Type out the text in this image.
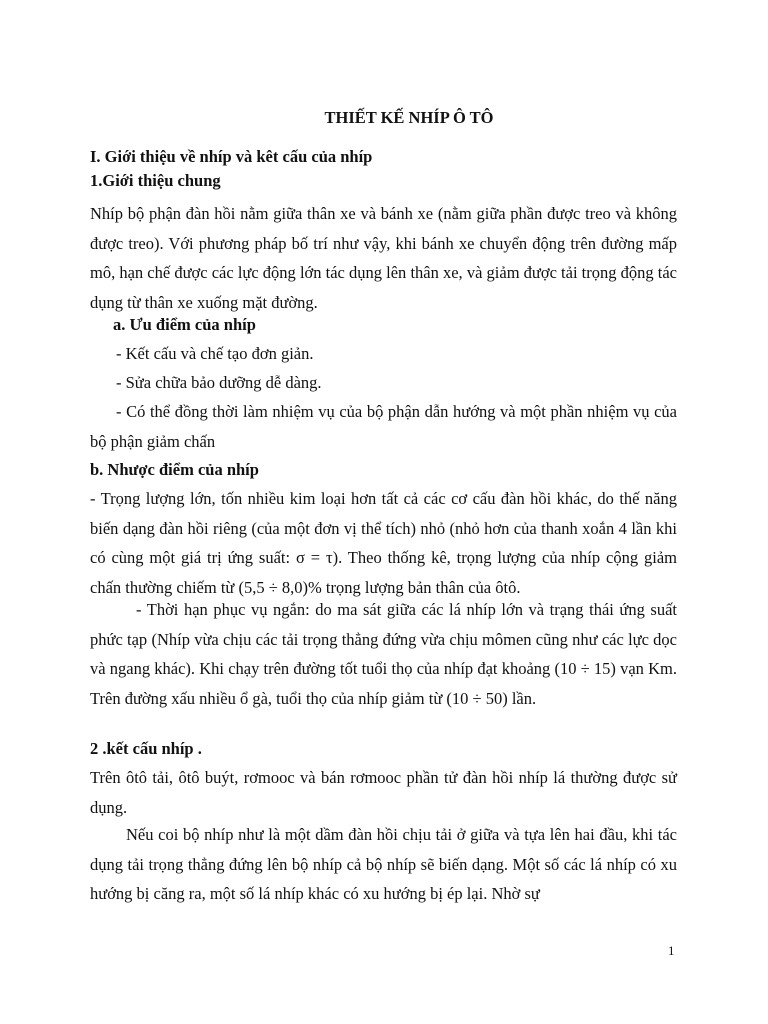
THIẾT KẾ NHÍP Ô TÔ
I. Giới thiệu về nhíp và kêt cấu của nhíp
1.Giới thiệu chung
Nhíp bộ phận đàn hồi nằm giữa thân xe và bánh xe (nằm giữa phần được treo và không được treo). Với phương pháp bố trí như vậy, khi bánh xe chuyển động trên đường mấp mô, hạn chế được các lực động lớn tác dụng lên thân xe, và giảm được tải trọng động tác dụng từ thân xe xuống mặt đường.
a. Ưu điểm của nhíp
- Kết cấu và chế tạo đơn giản.
- Sửa chữa bảo dưỡng dễ dàng.
- Có thể đồng thời làm nhiệm vụ của bộ phận dẫn hướng và một phần nhiệm vụ của bộ phận giảm chấn
b. Nhược điểm của nhíp
- Trọng lượng lớn, tốn nhiều kim loại hơn tất cả các cơ cấu đàn hồi khác, do thế năng biến dạng đàn hồi riêng (của một đơn vị thể tích) nhỏ (nhỏ hơn của thanh xoắn 4 lần khi có cùng một giá trị ứng suất: σ = τ). Theo thống kê, trọng lượng của nhíp cộng giảm chấn thường chiếm từ (5,5 ÷ 8,0)% trọng lượng bản thân của ôtô.
- Thời hạn phục vụ ngắn: do ma sát giữa các lá nhíp lớn và trạng thái ứng suất phức tạp (Nhíp vừa chịu các tải trọng thẳng đứng vừa chịu mômen cũng như các lực dọc và ngang khác). Khi chạy trên đường tốt tuổi thọ của nhíp đạt khoảng (10 ÷ 15) vạn Km. Trên đường xấu nhiều ổ gà, tuổi thọ của nhíp giảm từ (10 ÷ 50) lần.
2 .kết cấu nhíp .
Trên ôtô tải, ôtô buýt, rơmooc và bán rơmooc phần tử đàn hồi nhíp lá thường được sử dụng.
Nếu coi bộ nhíp như là một dầm đàn hồi chịu tải ở giữa và tựa lên hai đầu, khi tác dụng tải trọng thẳng đứng lên bộ nhíp cả bộ nhíp sẽ biến dạng. Một số các lá nhíp có xu hướng bị căng ra, một số lá nhíp khác có xu hướng bị ép lại. Nhờ sự
1
